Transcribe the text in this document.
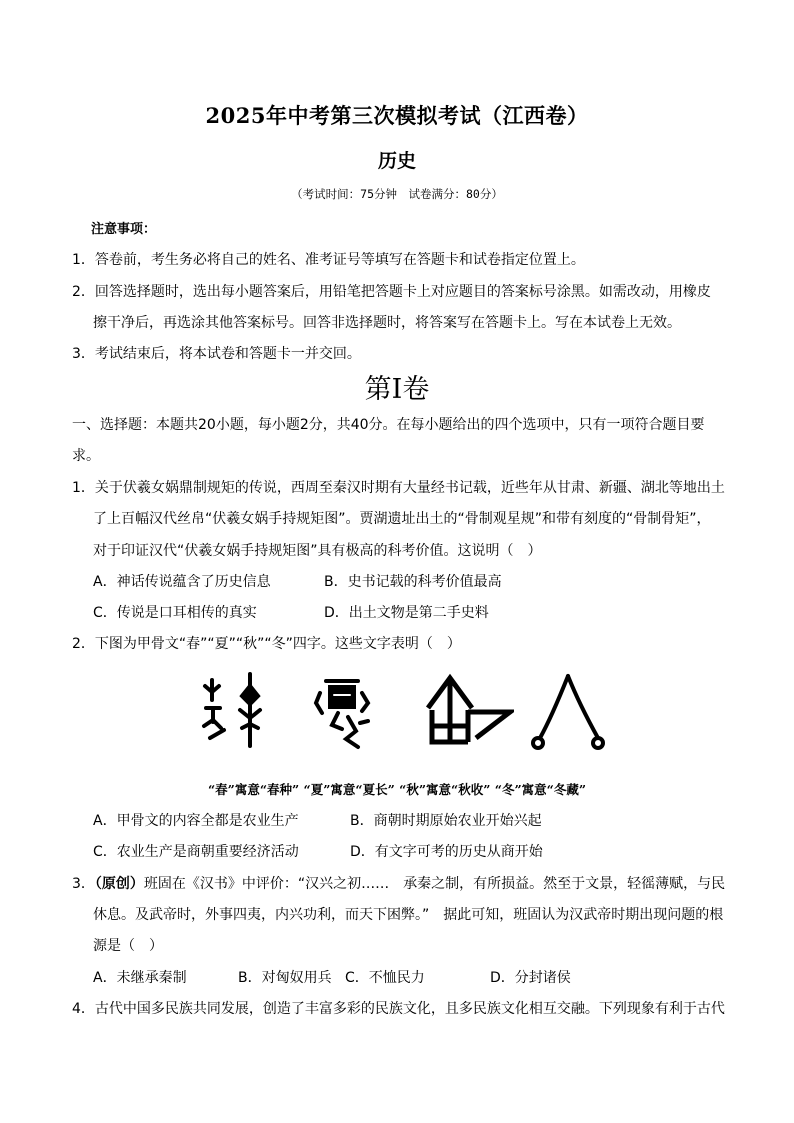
2025年中考第三次模拟考试（江西卷）
历史
（考试时间：75分钟　试卷满分：80分）
注意事项：
1．答卷前，考生务必将自己的姓名、准考证号等填写在答题卡和试卷指定位置上。
2．回答选择题时，选出每小题答案后，用铅笔把答题卡上对应题目的答案标号涂黑。如需改动，用橡皮
擦干净后，再选涂其他答案标号。回答非选择题时，将答案写在答题卡上。写在本试卷上无效。
3．考试结束后，将本试卷和答题卡一并交回。
第Ⅰ卷
一、选择题：本题共20小题，每小题2分，共40分。在每小题给出的四个选项中，只有一项符合题目要
求。
1．关于伏羲女娲鼎制规矩的传说，西周至秦汉时期有大量经书记载，近些年从甘肃、新疆、湖北等地出土
了上百幅汉代丝帛“伏羲女娲手持规矩图”。贾湖遗址出土的“骨制观星规”和带有刻度的“骨制骨矩”，
对于印证汉代“伏羲女娲手持规矩图”具有极高的科考价值。这说明（　）
A．神话传说蕴含了历史信息	B．史书记载的科考价值最高
C．传说是口耳相传的真实	D．出土文物是第二手史料
2．下图为甲骨文“春”“夏”“秋”“冬”四字。这些文字表明（　）
“春”寓意“春种” “夏”寓意“夏长” “秋”寓意“秋收” “冬”寓意“冬藏”
A．甲骨文的内容全都是农业生产	B．商朝时期原始农业开始兴起
C．农业生产是商朝重要经济活动	D．有文字可考的历史从商开始
3．（原创）班固在《汉书》中评价：“汉兴之初……　承秦之制，有所损益。然至于文景，轻徭薄赋，与民
休息。及武帝时，外事四夷，内兴功利，而天下困弊。”　据此可知，班固认为汉武帝时期出现问题的根
源是（　）
A．未继承秦制	B．对匈奴用兵 C．不恤民力	D．分封诸侯
4．古代中国多民族共同发展，创造了丰富多彩的民族文化，且多民族文化相互交融。下列现象有利于古代
